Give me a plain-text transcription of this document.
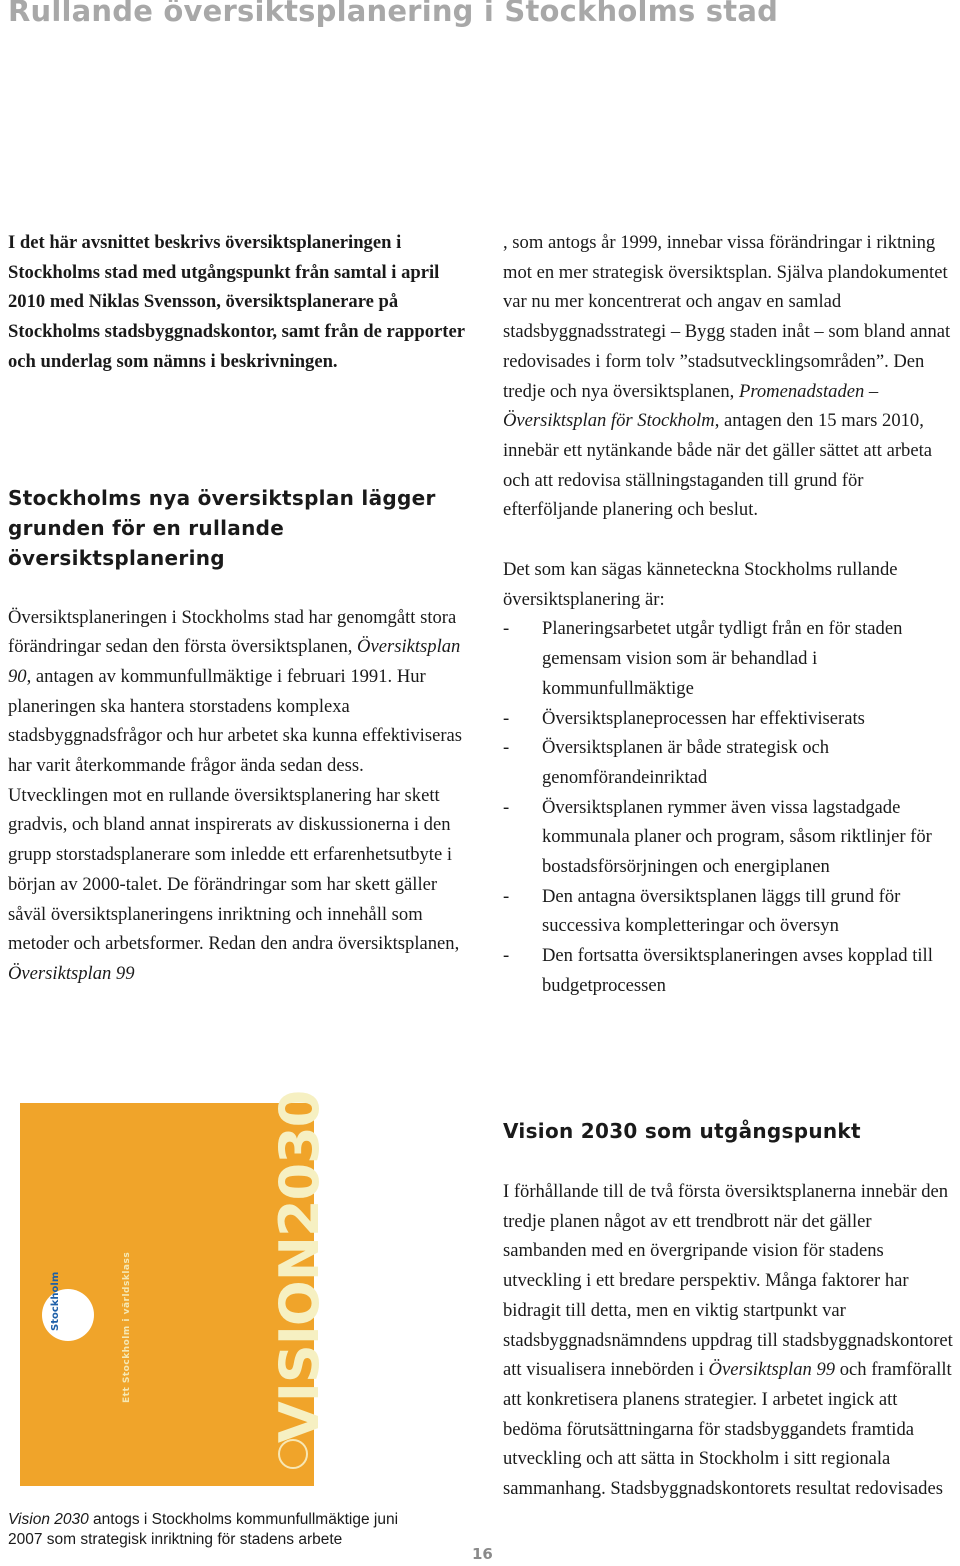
Rullande översiktsplanering i Stockholms stad

I det här avsnittet beskrivs översiktsplaneringen i Stockholms stad med utgångspunkt från samtal i april 2010 med Niklas Svensson, översiktsplanerare på Stockholms stadsbyggnadskontor, samt från de rapporter och underlag som nämns i beskrivningen.

Stockholms nya översiktsplan lägger grunden för en rullande översiktsplanering

Översiktsplaneringen i Stockholms stad har genomgått stora förändringar sedan den första översiktsplanen, Översiktsplan 90, antagen av kommunfullmäktige i februari 1991. Hur planeringen ska hantera storstadens komplexa stadsbyggnadsfrågor och hur arbetet ska kunna effektiviseras har varit återkommande frågor ända sedan dess. Utvecklingen mot en rullande översiktsplanering har skett gradvis, och bland annat inspirerats av diskussionerna i den grupp storstadsplanerare som inledde ett erfarenhetsutbyte i början av 2000-talet. De förändringar som har skett gäller såväl översiktsplaneringens inriktning och innehåll som metoder och arbetsformer. Redan den andra översiktsplanen, Översiktsplan 99

, som antogs år 1999, innebar vissa förändringar i riktning mot en mer strategisk översiktsplan. Själva plandokumentet var nu mer koncentrerat och angav en samlad stadsbyggnadsstrategi – Bygg staden inåt – som bland annat redovisades i form tolv ”stadsutvecklingsområden”. Den tredje och nya översiktsplanen, Promenadstaden – Översiktsplan för Stockholm, antagen den 15 mars 2010, innebär ett nytänkande både när det gäller sättet att arbeta och att redovisa ställningstaganden till grund för efterföljande planering och beslut.

Det som kan sägas känneteckna Stockholms rullande översiktsplanering är:

- Planeringsarbetet utgår tydligt från en för staden gemensam vision som är behandlad i kommunfullmäktige
- Översiktsplaneprocessen har effektiviserats
- Översiktsplanen är både strategisk och genomförandeinriktad
- Översiktsplanen rymmer även vissa lagstadgade kommunala planer och program, såsom riktlinjer för bostadsförsörjningen och energiplanen
- Den antagna översiktsplanen läggs till grund för successiva kompletteringar och översyn
- Den fortsatta översiktsplaneringen avses kopplad till budgetprocessen
Stockholm	Ett Stockholm i världsklass	VISION2030

Vision 2030 antogs i Stockholms kommunfullmäktige juni 2007 som strategisk inriktning för stadens arbete

Vision 2030 som utgångspunkt

I förhållande till de två första översiktsplanerna innebär den tredje planen något av ett trendbrott när det gäller sambanden med en övergripande vision för stadens utveckling i ett bredare perspektiv. Många faktorer har bidragit till detta, men en viktig startpunkt var stadsbyggnadsnämndens uppdrag till stadsbyggnadskontoret att visualisera innebörden i Översiktsplan 99 och framförallt att konkretisera planens strategier. I arbetet ingick att bedöma förutsättningarna för stadsbyggandets framtida utveckling och att sätta in Stockholm i sitt regionala sammanhang. Stadsbyggnadskontorets resultat redovisades

16
